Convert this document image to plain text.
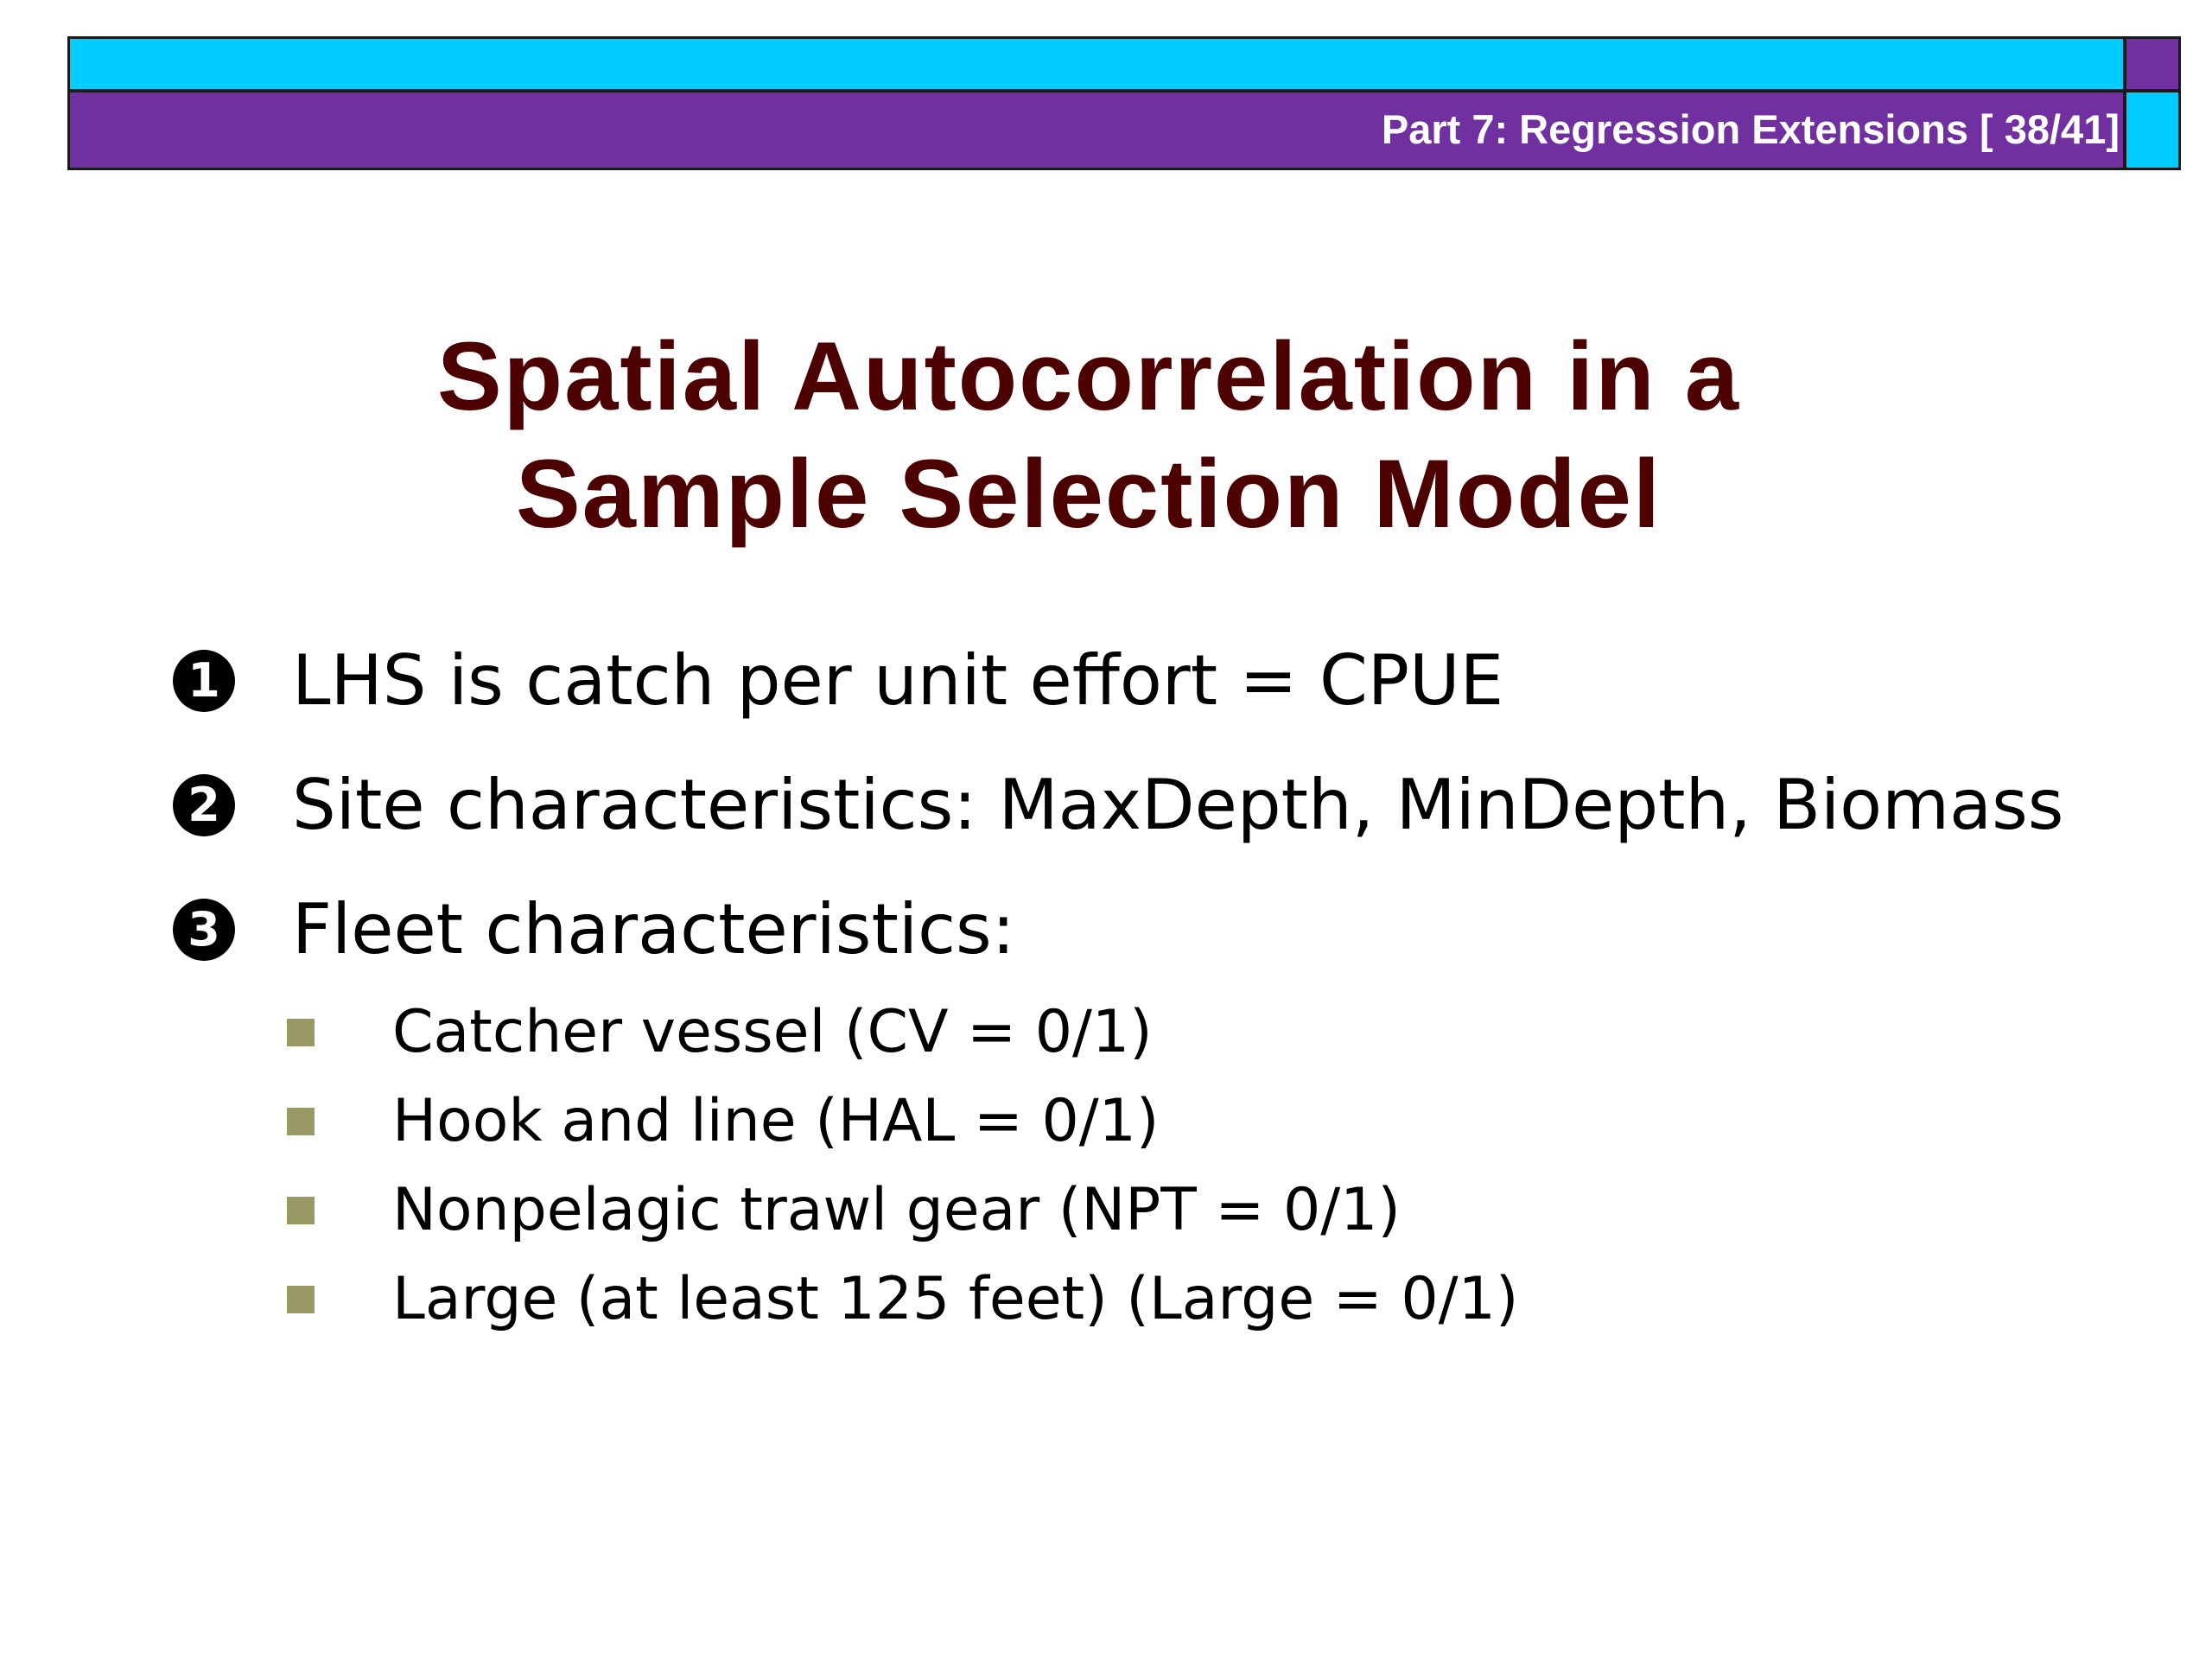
Part 7: Regression Extensions [ 38/41]
Spatial Autocorrelation in a
Sample Selection Model
1 LHS is catch per unit effort = CPUE
2 Site characteristics: MaxDepth, MinDepth, Biomass
3 Fleet characteristics:
Catcher vessel (CV = 0/1)
Hook and line (HAL = 0/1)
Nonpelagic trawl gear (NPT = 0/1)
Large (at least 125 feet) (Large = 0/1)
